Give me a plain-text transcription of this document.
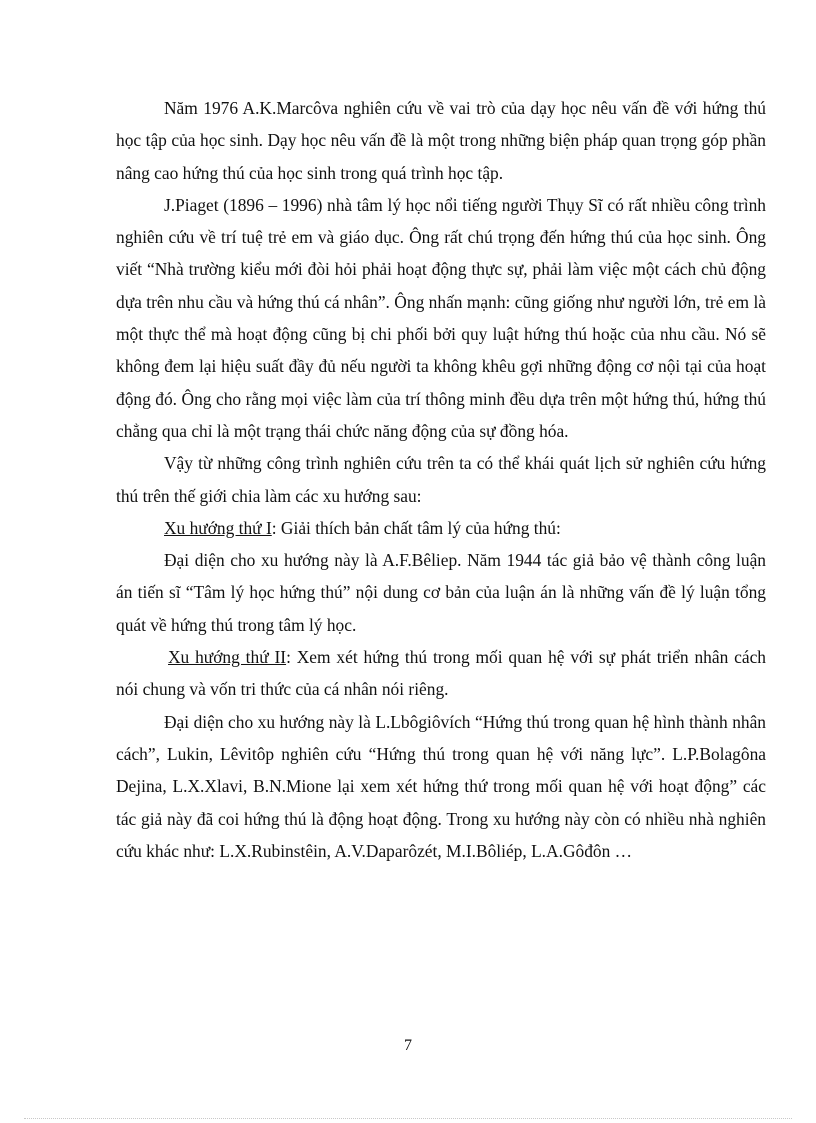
Năm 1976 A.K.Marcôva nghiên cứu về vai trò của dạy học nêu vấn đề với hứng thú học tập của học sinh. Dạy học nêu vấn đề là một trong những biện pháp quan trọng góp phần nâng cao hứng thú của học sinh trong quá trình học tập.

J.Piaget (1896 – 1996) nhà tâm lý học nổi tiếng người Thụy Sĩ có rất nhiều công trình nghiên cứu về trí tuệ trẻ em và giáo dục. Ông rất chú trọng đến hứng thú của học sinh. Ông viết “Nhà trường kiểu mới đòi hỏi phải hoạt động thực sự, phải làm việc một cách chủ động dựa trên nhu cầu và hứng thú cá nhân”. Ông nhấn mạnh: cũng giống như người lớn, trẻ em là một thực thể mà hoạt động cũng bị chi phối bởi quy luật hứng thú hoặc của nhu cầu. Nó sẽ không đem lại hiệu suất đầy đủ nếu người ta không khêu gợi những động cơ nội tại của hoạt động đó. Ông cho rằng mọi việc làm của trí thông minh đều dựa trên một hứng thú, hứng thú chẳng qua chỉ là một trạng thái chức năng động của sự đồng hóa.

Vậy từ những công trình nghiên cứu trên ta có thể khái quát lịch sử nghiên cứu hứng thú trên thế giới chia làm các xu hướng sau:

Xu hướng thứ I: Giải thích bản chất tâm lý của hứng thú:

Đại diện cho xu hướng này là A.F.Bêliep. Năm 1944 tác giả bảo vệ thành công luận án tiến sĩ “Tâm lý học hứng thú” nội dung cơ bản của luận án là những vấn đề lý luận tổng quát về hứng thú trong tâm lý học.

Xu hướng thứ II: Xem xét hứng thú trong mối quan hệ với sự phát triển nhân cách nói chung và vốn tri thức của cá nhân nói riêng.

Đại diện cho xu hướng này là L.Lbôgiôvích “Hứng thú trong quan hệ hình thành nhân cách”, Lukin, Lêvitôp nghiên cứu “Hứng thú trong quan hệ với năng lực”. L.P.Bolagôna Dejina, L.X.Xlavi, B.N.Mione lại xem xét hứng thứ trong mối quan hệ với hoạt động” các tác giả này đã coi hứng thú là động hoạt động. Trong xu hướng này còn có nhiều nhà nghiên cứu khác như: L.X.Rubinstêin, A.V.Daparôzét, M.I.Bôliép, L.A.Gôđôn …

7
